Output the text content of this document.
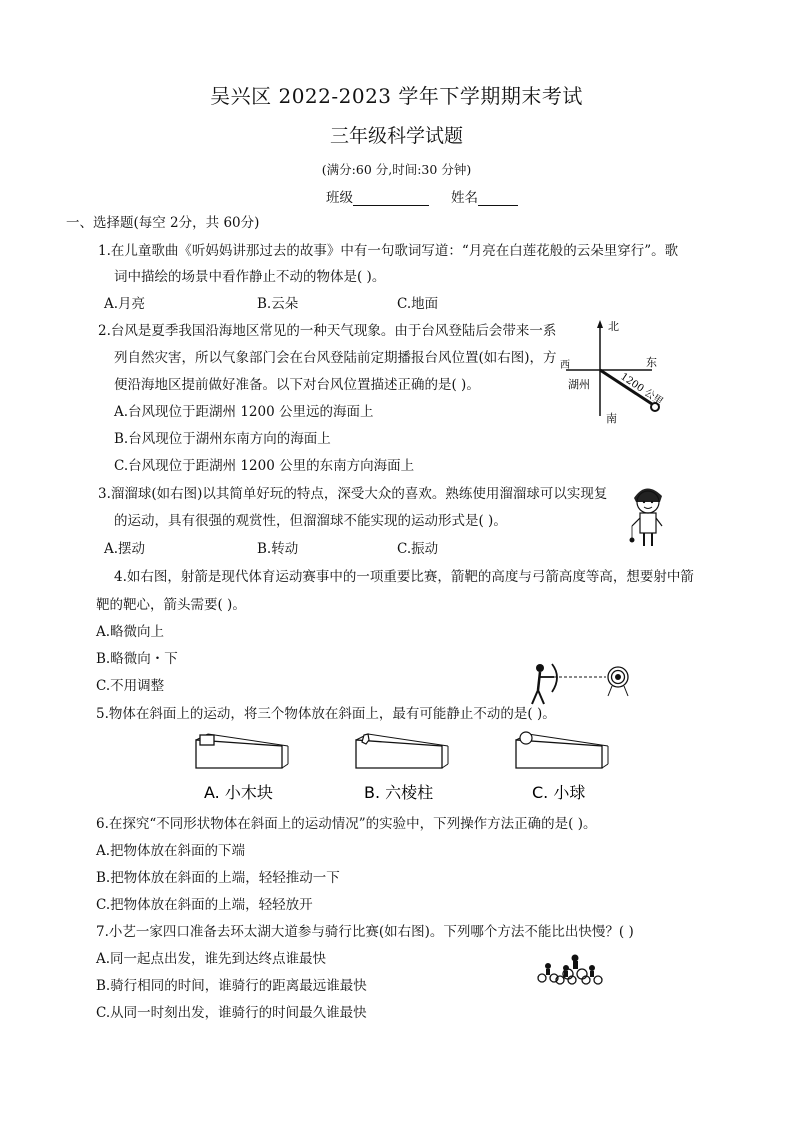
吴兴区 2022-2023 学年下学期期末考试
三年级科学试题
(满分:60 分,时间:30 分钟)
班级	姓名
一、选择题(每空 2分，共 60分)
1.在儿童歌曲《听妈妈讲那过去的故事》中有一句歌词写道：“月亮在白莲花般的云朵里穿行”。歌
词中描绘的场景中看作静止不动的物体是( )。
A.月亮	B.云朵	C.地面
2.台风是夏季我国沿海地区常见的一种天气现象。由于台风登陆后会带来一系
列自然灾害，所以气象部门会在台风登陆前定期播报台风位置(如右图)，方
便沿海地区提前做好准备。以下对台风位置描述正确的是( )。
A.台风现位于距湖州 1200 公里远的海面上
B.台风现位于湖州东南方向的海面上
C.台风现位于距湖州 1200 公里的东南方向海面上
北
东
西
湖州
南
1200 公里
3.溜溜球(如右图)以其简单好玩的特点，深受大众的喜欢。熟练使用溜溜球可以实现复
的运动，具有很强的观赏性，但溜溜球不能实现的运动形式是( )。
A.摆动	B.转动	C.振动
4.如右图，射箭是现代体育运动赛事中的一项重要比赛，箭靶的高度与弓箭高度等高，想要射中箭
靶的靶心，箭头需要( )。
A.略微向上
B.略微向・下
C.不用调整
5.物体在斜面上的运动，将三个物体放在斜面上，最有可能静止不动的是( )。
A. 小木块	B. 六棱柱	C. 小球
6.在探究“不同形状物体在斜面上的运动情况”的实验中，下列操作方法正确的是( )。
A.把物体放在斜面的下端
B.把物体放在斜面的上端，轻轻推动一下
C.把物体放在斜面的上端，轻轻放开
7.小艺一家四口准备去环太湖大道参与骑行比赛(如右图)。下列哪个方法不能比出快慢？( )
A.同一起点出发，谁先到达终点谁最快
B.骑行相同的时间，谁骑行的距离最远谁最快
C.从同一时刻出发，谁骑行的时间最久谁最快
